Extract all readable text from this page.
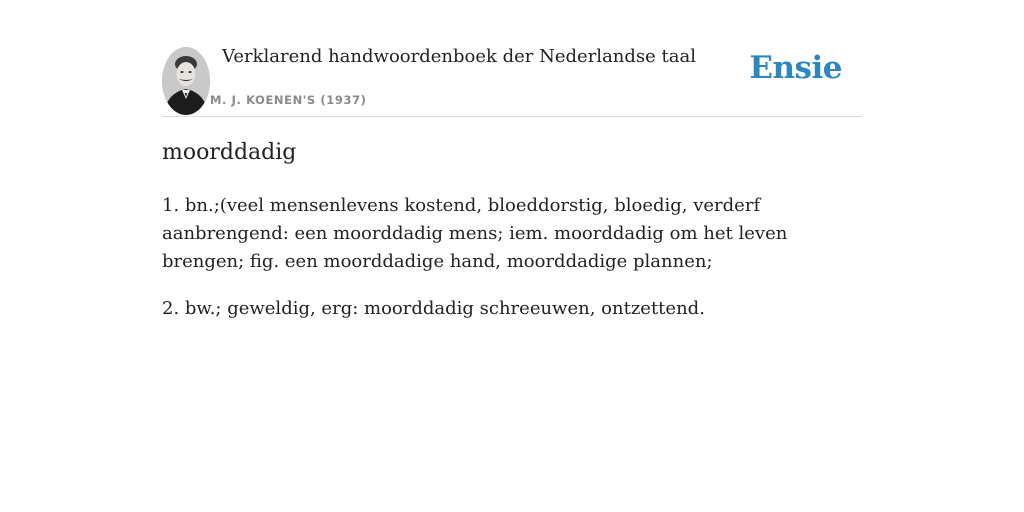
Verklarend handwoordenboek der Nederlandse taal
M. J. KOENEN'S (1937)
Ensie
moorddadig

1. bn.;(veel mensenlevens kostend, bloeddorstig, bloedig, verderf aanbrengend: een moorddadig mens; iem. moorddadig om het leven brengen; fig. een moorddadige hand, moorddadige plannen;

2. bw.; geweldig, erg: moorddadig schreeuwen, ontzettend.
